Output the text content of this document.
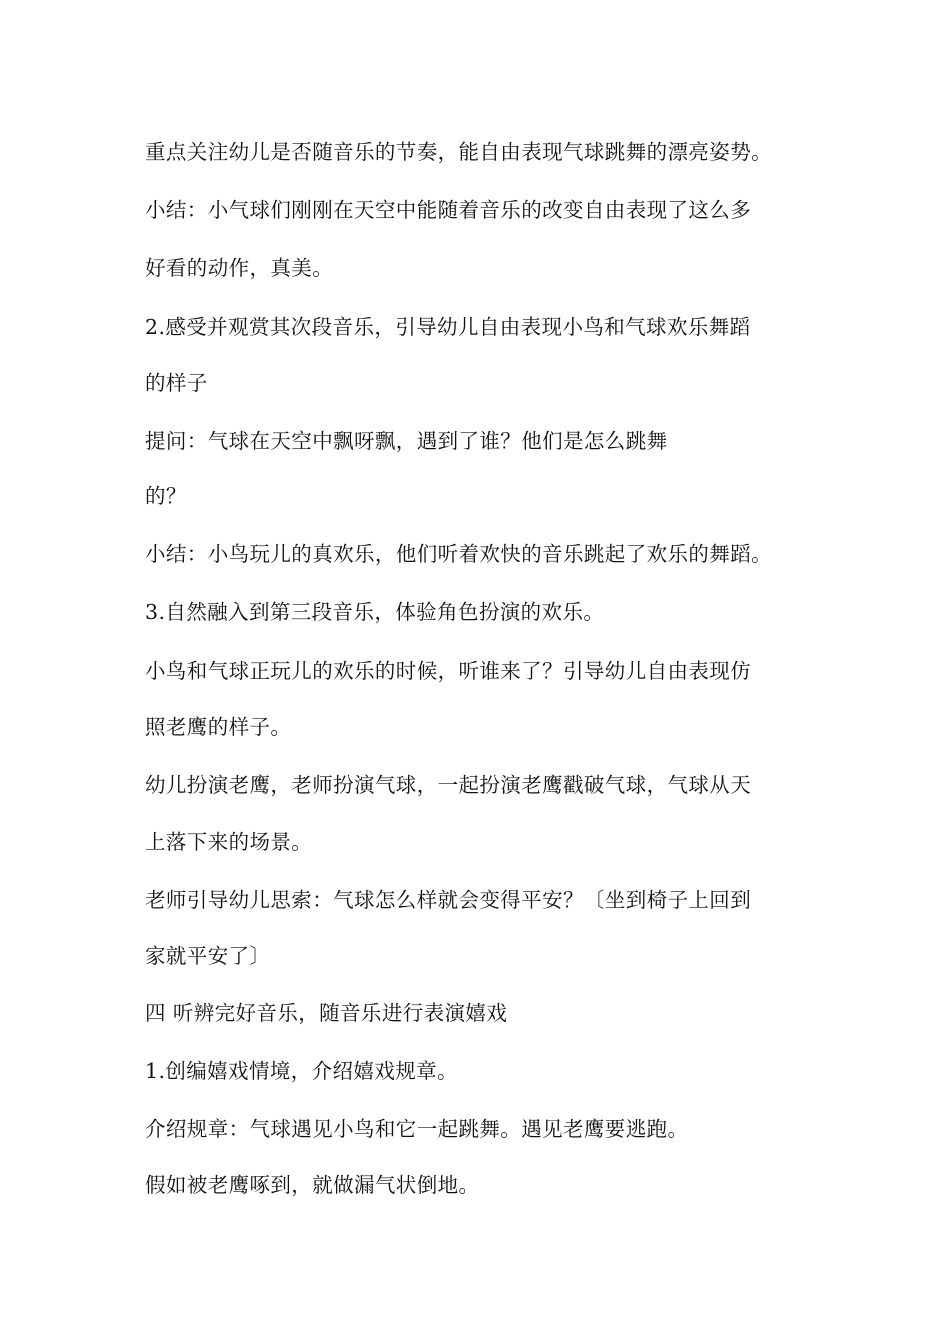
重点关注幼儿是否随音乐的节奏，能自由表现气球跳舞的漂亮姿势。

小结：小气球们刚刚在天空中能随着音乐的改变自由表现了这么多

好看的动作，真美。

2.感受并观赏其次段音乐，引导幼儿自由表现小鸟和气球欢乐舞蹈

的样子

提问：气球在天空中飘呀飘，遇到了谁？他们是怎么跳舞

的？

小结：小鸟玩儿的真欢乐，他们听着欢快的音乐跳起了欢乐的舞蹈。

3.自然融入到第三段音乐，体验角色扮演的欢乐。

小鸟和气球正玩儿的欢乐的时候，听谁来了？引导幼儿自由表现仿

照老鹰的样子。

幼儿扮演老鹰，老师扮演气球，一起扮演老鹰戳破气球，气球从天

上落下来的场景。

老师引导幼儿思索：气球怎么样就会变得平安？〔坐到椅子上回到

家就平安了〕

四 听辨完好音乐，随音乐进行表演嬉戏

1.创编嬉戏情境，介绍嬉戏规章。

介绍规章：气球遇见小鸟和它一起跳舞。遇见老鹰要逃跑。

假如被老鹰啄到，就做漏气状倒地。
